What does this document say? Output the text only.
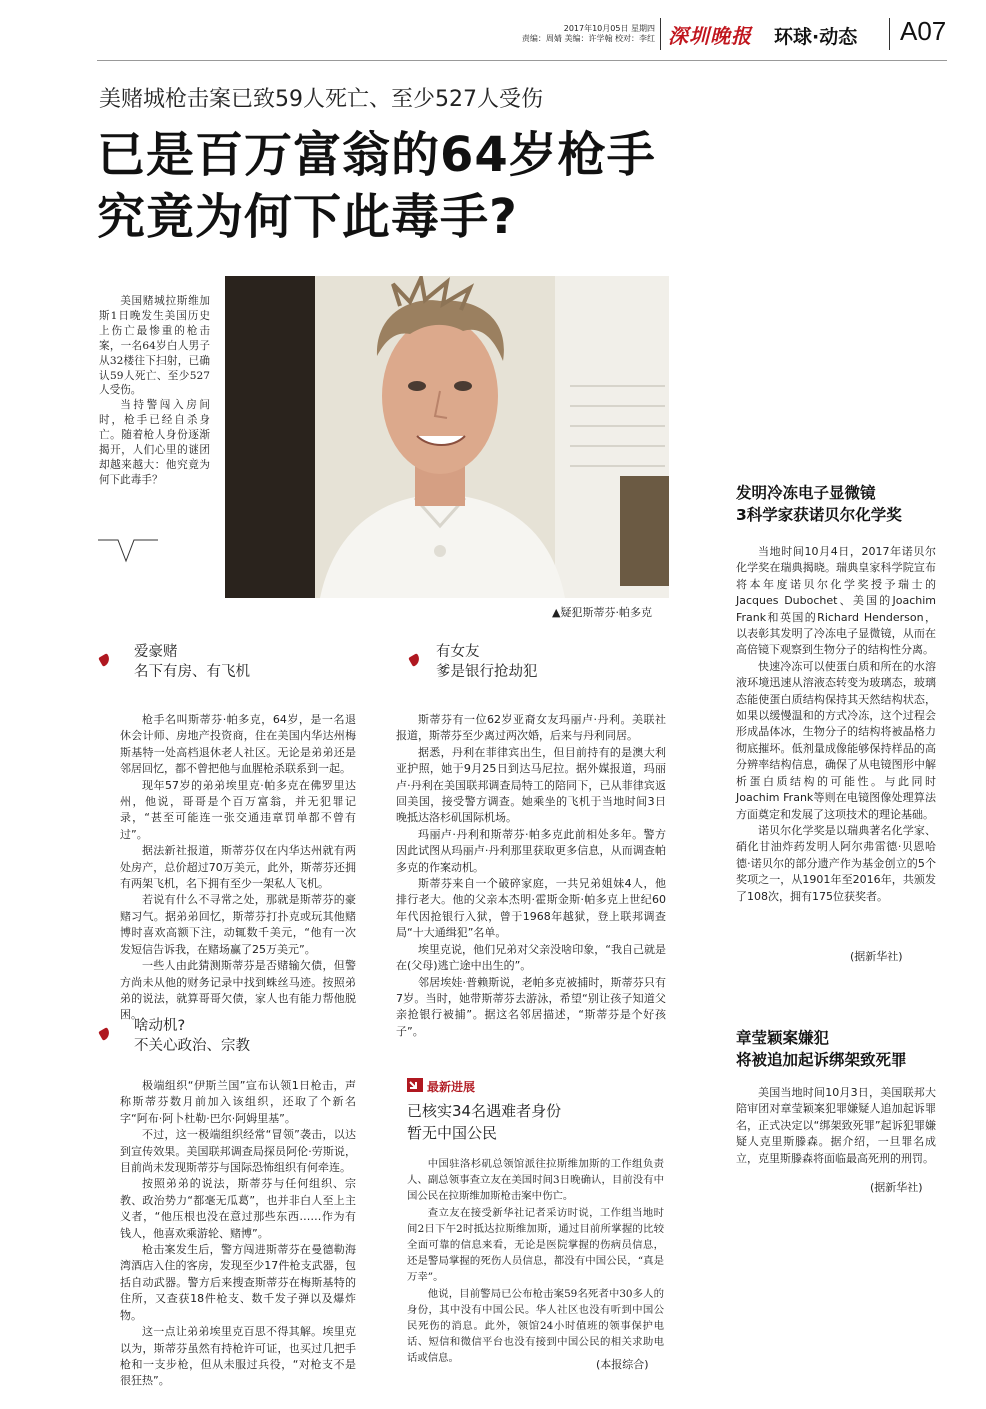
2017年10月05日 星期四
责编：周婧 美编：许学翰 校对：李红 深圳晚报 环球·动态 A07
美赌城枪击案已致59人死亡、至少527人受伤
已是百万富翁的64岁枪手
究竟为何下此毒手?

美国赌城拉斯维加斯1日晚发生美国历史上伤亡最惨重的枪击案，一名64岁白人男子从32楼往下扫射，已确认59人死亡、至少527人受伤。

当持警闯入房间时，枪手已经自杀身亡。随着枪人身份逐渐揭开，人们心里的谜团却越来越大：他究竟为何下此毒手？

▲疑犯斯蒂芬·帕多克
爱豪赌
名下有房、有飞机

枪手名叫斯蒂芬·帕多克，64岁，是一名退休会计师、房地产投资商，住在美国内华达州梅斯基特一处高档退休老人社区。无论是弟弟还是邻居回忆，都不曾把他与血腥枪杀联系到一起。

现年57岁的弟弟埃里克·帕多克在佛罗里达州，他说，哥哥是个百万富翁，并无犯罪记录，“甚至可能连一张交通违章罚单都不曾有过”。

据法新社报道，斯蒂芬仅在内华达州就有两处房产，总价超过70万美元，此外，斯蒂芬还拥有两架飞机，名下拥有至少一架私人飞机。

若说有什么不寻常之处，那就是斯蒂芬的豪赌习气。据弟弟回忆，斯蒂芬打扑克或玩其他赌博时喜欢高额下注，动辄数千美元，“他有一次发短信告诉我，在赌场赢了25万美元”。

一些人由此猜测斯蒂芬是否赌输欠债，但警方尚未从他的财务记录中找到蛛丝马迹。按照弟弟的说法，就算哥哥欠债，家人也有能力帮他脱困。

有女友
爹是银行抢劫犯

斯蒂芬有一位62岁亚裔女友玛丽卢·丹利。美联社报道，斯蒂芬至少离过两次婚，后来与丹利同居。

据悉，丹利在菲律宾出生，但目前持有的是澳大利亚护照，她于9月25日到达马尼拉。据外媒报道，玛丽卢·丹利在美国联邦调查局特工的陪同下，已从菲律宾返回美国，接受警方调查。她乘坐的飞机于当地时间3日晚抵达洛杉矶国际机场。

玛丽卢·丹利和斯蒂芬·帕多克此前相处多年。警方因此试图从玛丽卢·丹利那里获取更多信息，从而调查帕多克的作案动机。

斯蒂芬来自一个破碎家庭，一共兄弟姐妹4人，他排行老大。他的父亲本杰明·霍斯金斯·帕多克上世纪60年代因抢银行入狱，曾于1968年越狱，登上联邦调查局“十大通缉犯”名单。

埃里克说，他们兄弟对父亲没啥印象，“我自己就是在(父母)逃亡途中出生的”。

邻居埃娃·普赖斯说，老帕多克被捕时，斯蒂芬只有7岁。当时，她带斯蒂芬去游泳，希望“别让孩子知道父亲抢银行被捕”。据这名邻居描述，“斯蒂芬是个好孩子”。

啥动机?
不关心政治、宗教

极端组织“伊斯兰国”宣布认领1日枪击，声称斯蒂芬数月前加入该组织，还取了个新名字“阿布·阿卜杜勒·巴尔·阿姆里基”。

不过，这一极端组织经常“冒领”袭击，以达到宣传效果。美国联邦调查局探员阿伦·劳斯说，目前尚未发现斯蒂芬与国际恐怖组织有何牵连。

按照弟弟的说法，斯蒂芬与任何组织、宗教、政治势力“都毫无瓜葛”，也并非白人至上主义者，“他压根也没在意过那些东西……作为有钱人，他喜欢乘游轮、赌博”。

枪击案发生后，警方闯进斯蒂芬在曼德勒海湾酒店入住的客房，发现至少17件枪支武器，包括自动武器。警方后来搜查斯蒂芬在梅斯基特的住所，又查获18件枪支、数千发子弹以及爆炸物。

这一点让弟弟埃里克百思不得其解。埃里克以为，斯蒂芬虽然有持枪许可证，也买过几把手枪和一支步枪，但从未服过兵役，“对枪支不是很狂热”。

最新进展
已核实34名遇难者身份
暂无中国公民

中国驻洛杉矶总领馆派往拉斯维加斯的工作组负责人、副总领事查立友在美国时间3日晚确认，目前没有中国公民在拉斯维加斯枪击案中伤亡。

查立友在接受新华社记者采访时说，工作组当地时间2日下午2时抵达拉斯维加斯，通过目前所掌握的比较全面可靠的信息来看，无论是医院掌握的伤病员信息，还是警局掌握的死伤人员信息，都没有中国公民，“真是万幸”。

他说，目前警局已公布枪击案59名死者中30多人的身份，其中没有中国公民。华人社区也没有听到中国公民死伤的消息。此外，领馆24小时值班的领事保护电话、短信和微信平台也没有接到中国公民的相关求助电话或信息。	(本报综合)
发明冷冻电子显微镜
3科学家获诺贝尔化学奖

当地时间10月4日，2017年诺贝尔化学奖在瑞典揭晓。瑞典皇家科学院宣布将本年度诺贝尔化学奖授予瑞士的Jacques Dubochet、美国的Joachim Frank和英国的Richard Henderson，以表彰其发明了冷冻电子显微镜，从而在高倍镜下观察到生物分子的结构性分离。

快速冷冻可以使蛋白质和所在的水溶液环境迅速从溶液态转变为玻璃态，玻璃态能使蛋白质结构保持其天然结构状态，如果以缓慢温和的方式冷冻，这个过程会形成晶体冰，生物分子的结构将被晶格力彻底摧坏。低剂量成像能够保持样品的高分辨率结构信息，确保了从电镜图形中解析蛋白质结构的可能性。与此同时Joachim Frank等则在电镜图像处理算法方面奠定和发展了这项技术的理论基础。

诺贝尔化学奖是以瑞典著名化学家、硝化甘油炸药发明人阿尔弗雷德·贝恩哈德·诺贝尔的部分遗产作为基金创立的5个奖项之一，从1901年至2016年，共颁发了108次，拥有175位获奖者。

(据新华社)
章莹颖案嫌犯
将被追加起诉绑架致死罪

美国当地时间10月3日，美国联邦大陪审团对章莹颖案犯罪嫌疑人追加起诉罪名，正式决定以“绑架致死罪”起诉犯罪嫌疑人克里斯滕森。据介绍，一旦罪名成立，克里斯滕森将面临最高死刑的刑罚。

(据新华社)
